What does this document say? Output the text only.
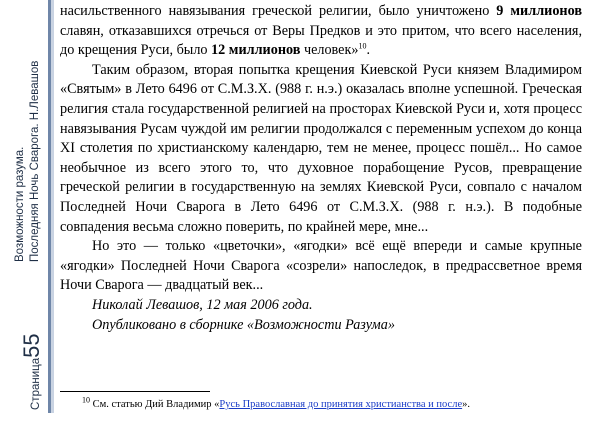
Возможности разума. Последняя Ночь Сварога. Н.Левашов
Страница55

насильственного навязывания греческой религии, было уничтожено 9 миллионов славян, отказавшихся отречься от Веры Предков и это притом, что всего населения, до крещения Руси, было 12 миллионов человек»$^{10}$.

Таким образом, вторая попытка крещения Киевской Руси князем Владимиром «Святым» в Лето 6496 от С.М.З.Х. (988 г. н.э.) оказалась вполне успешной. Греческая религия стала государственной религией на просторах Киевской Руси и, хотя процесс навязывания Русам чуждой им религии продолжался с переменным успехом до конца XI столетия по христианскому календарю, тем не менее, процесс пошёл... Но самое необычное из всего этого то, что духовное порабощение Русов, превращение греческой религии в государственную на землях Киевской Руси, совпало с началом Последней Ночи Сварога в Лето 6496 от С.М.З.Х. (988 г. н.э.). В подобные совпадения весьма сложно поверить, по крайней мере, мне...

Но это — только «цветочки», «ягодки» всё ещё впереди и самые крупные «ягодки» Последней Ночи Сварога «созрели» напоследок, в предрассветное время Ночи Сварога — двадцатый век...

Николай Левашов, 12 мая 2006 года.

Опубликовано в сборнике «Возможности Разума»

$^{10}$ См. статью Дий Владимир «Русь Православная до принятия христианства и после».
